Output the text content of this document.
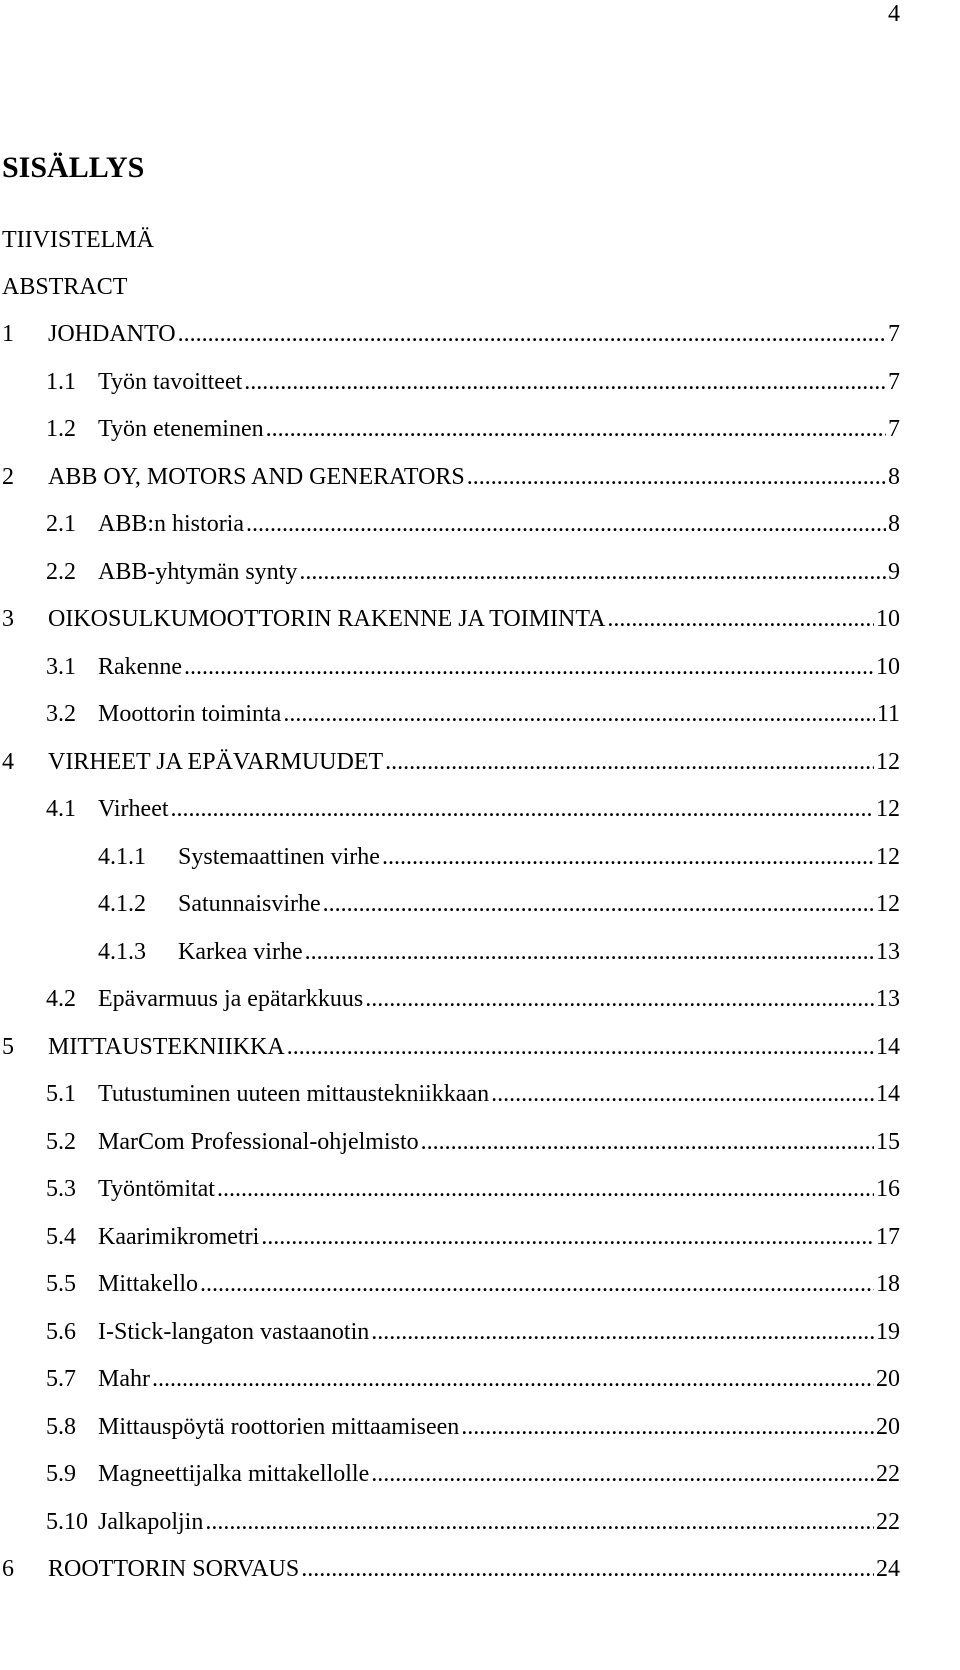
4
SISÄLLYS
TIIVISTELMÄ
ABSTRACT
1	JOHDANTO .....	7
1.1 Työn tavoitteet .....	7
1.2 Työn eteneminen .....	7
2	ABB OY, MOTORS AND GENERATORS .....	8
2.1 ABB:n historia .....	8
2.2 ABB-yhtymän synty .....	9
3	OIKOSULKUMOOTTORIN RAKENNE JA TOIMINTA .....	10
3.1 Rakenne .....	10
3.2 Moottorin toiminta .....	11
4	VIRHEET JA EPÄVARMUUDET .....	12
4.1 Virheet .....	12
4.1.1	Systemaattinen virhe .....	12
4.1.2	Satunnaisvirhe .....	12
4.1.3	Karkea virhe .....	13
4.2 Epävarmuus ja epätarkkuus .....	13
5	MITTAUSTEKNIIKKA .....	14
5.1 Tutustuminen uuteen mittaustekniikkaan .....	14
5.2 MarCom Professional-ohjelmisto .....	15
5.3 Työntömitat .....	16
5.4 Kaarimikrometri .....	17
5.5 Mittakello .....	18
5.6 I-Stick-langaton vastaanotin .....	19
5.7 Mahr .....	20
5.8 Mittauspöytä roottorien mittaamiseen .....	20
5.9 Magneettijalka mittakellolle .....	22
5.10 Jalkapoljin .....	22
6	ROOTTORIN SORVAUS .....	24
